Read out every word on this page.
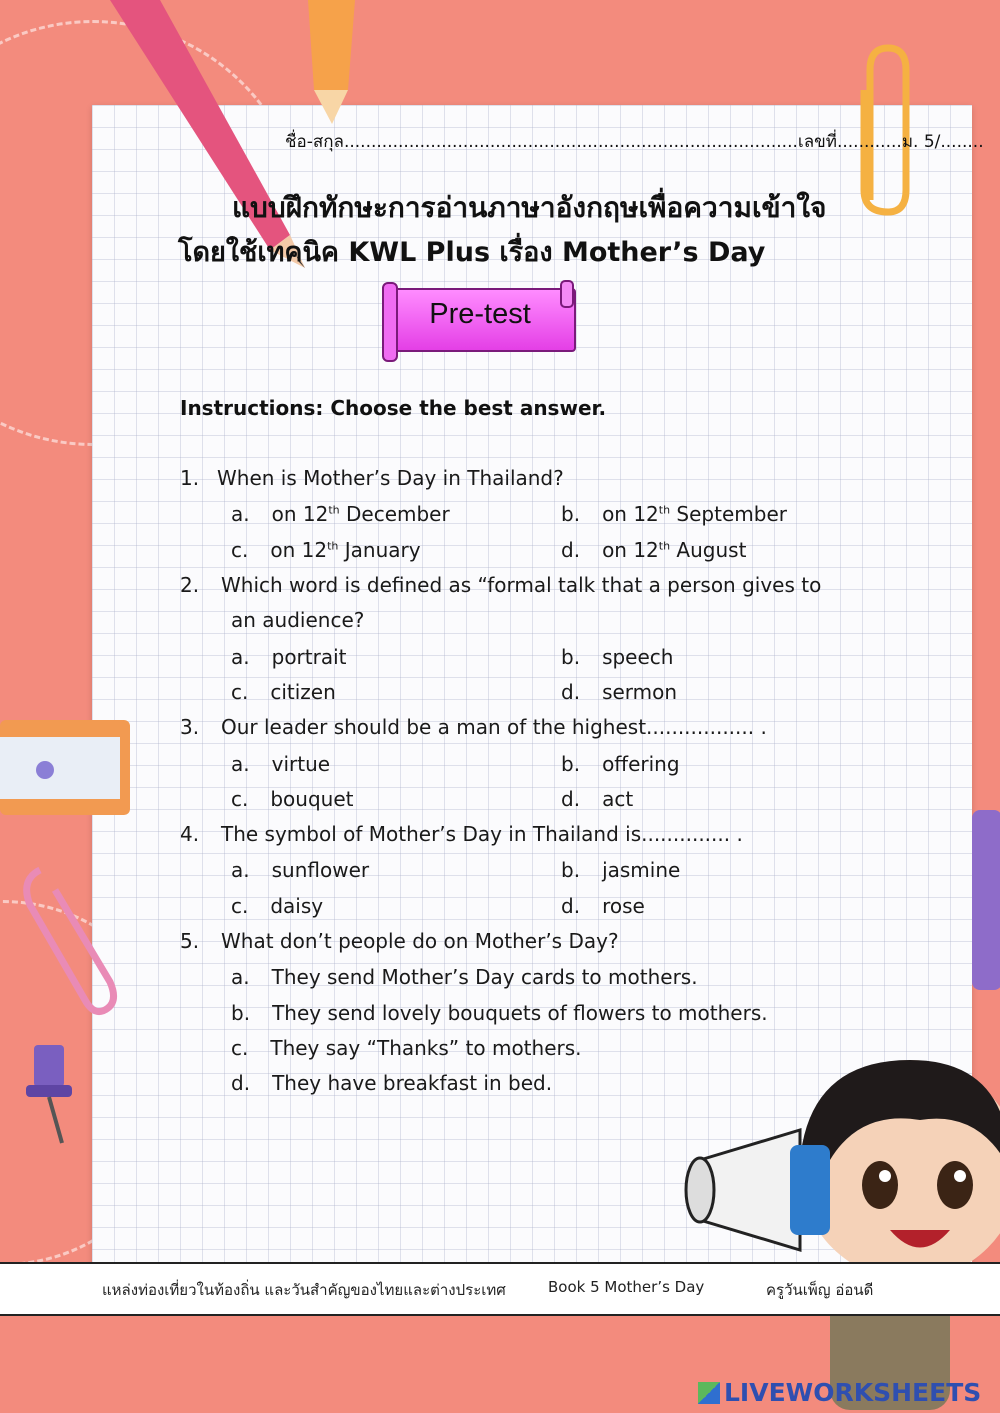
ชื่อ-สกุล....................................................................................เลขที่............ม. 5/........
แบบฝึกทักษะการอ่านภาษาอังกฤษเพื่อความเข้าใจ
โดยใช้เทคนิค KWL Plus เรื่อง Mother’s Day
Pre-test
Instructions: Choose the best answer.
1. When is Mother’s Day in Thailand?
a. on 12th December	b. on 12th September
c. on 12th January	d. on 12th August
2. Which word is defined as “formal talk that a person gives to
an audience?
a. portrait	b. speech
c. citizen	d. sermon
3. Our leader should be a man of the highest................. .
a. virtue	b. offering
c. bouquet	d. act
4. The symbol of Mother’s Day in Thailand is.............. .
a. sunflower	b. jasmine
c. daisy	d. rose
5. What don’t people do on Mother’s Day?
a. They send Mother’s Day cards to mothers.
b. They send lovely bouquets of flowers to mothers.
c. They say “Thanks” to mothers.
d. They have breakfast in bed.
แหล่งท่องเที่ยวในท้องถิ่น และวันสำคัญของไทยและต่างประเทศ	Book 5 Mother’s Day	ครูวันเพ็ญ อ่อนดี
LIVEWORKSHEETS
